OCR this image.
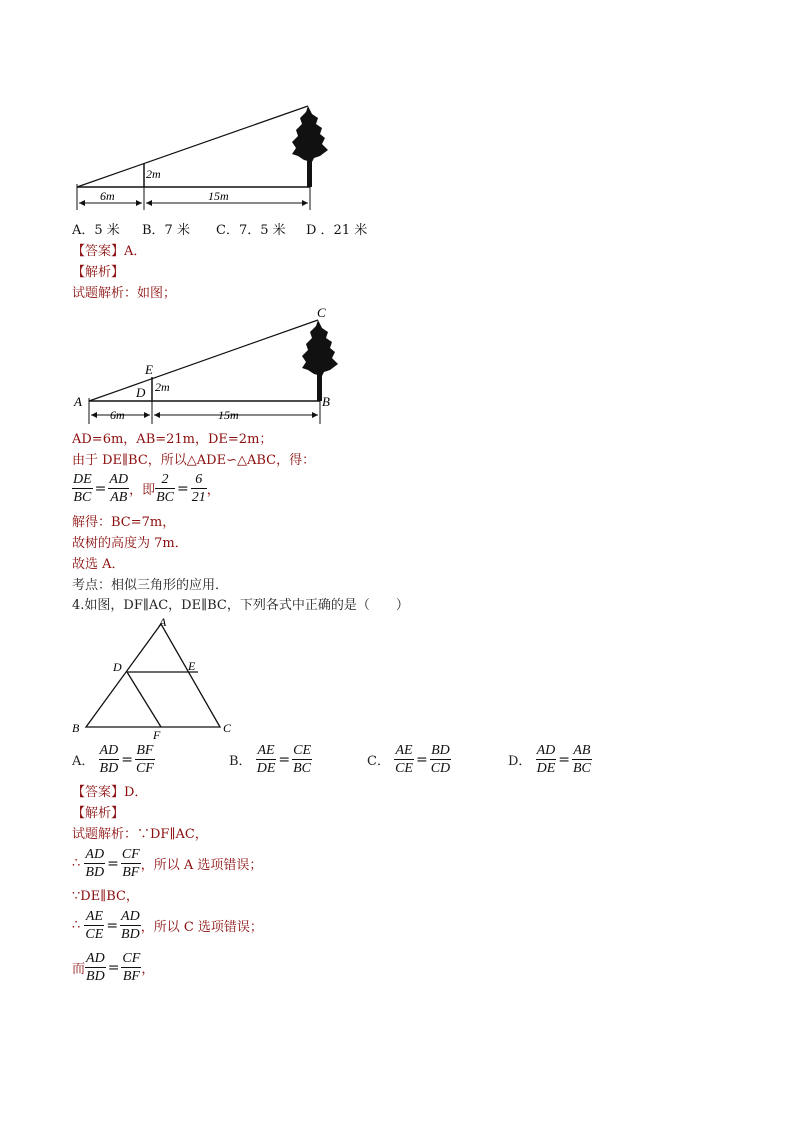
2m
6m	15m
A．5 米 B．7 米 C．7．5 米 D ．21 米
【答案】A．
【解析】
试题解析：如图；
A	B
C
D
E
2m
6m	15m
AD=6m，AB=21m，DE=2m；
由于 DE∥BC，所以△ADE∽△ABC，得：
$\frac{DE}{BC} = \frac{AD}{AB}$ ，即 $\frac{2}{BC} = \frac{6}{21}$ ，
解得：BC=7m，
故树的高度为 7m．
故选 A．
考点：相似三角形的应用．
4.如图，DF∥AC，DE∥BC，下列各式中正确的是（　　）
A
B	C
D	E
F
A． $\frac{AD}{BD} = \frac{BF}{CF}$	B． $\frac{AE}{DE} = \frac{CE}{BC}$	C． $\frac{AE}{CE} = \frac{BD}{CD}$	D． $\frac{AD}{DE} = \frac{AB}{BC}$
【答案】D．
【解析】
试题解析：∵DF∥AC，
∴ $\frac{AD}{BD} = \frac{CF}{BF}$ ，所以 A 选项错误；
∵DE∥BC，
∴ $\frac{AE}{CE} = \frac{AD}{BD}$ ，所以 C 选项错误；
而 $\frac{AD}{BD} = \frac{CF}{BF}$ ，
